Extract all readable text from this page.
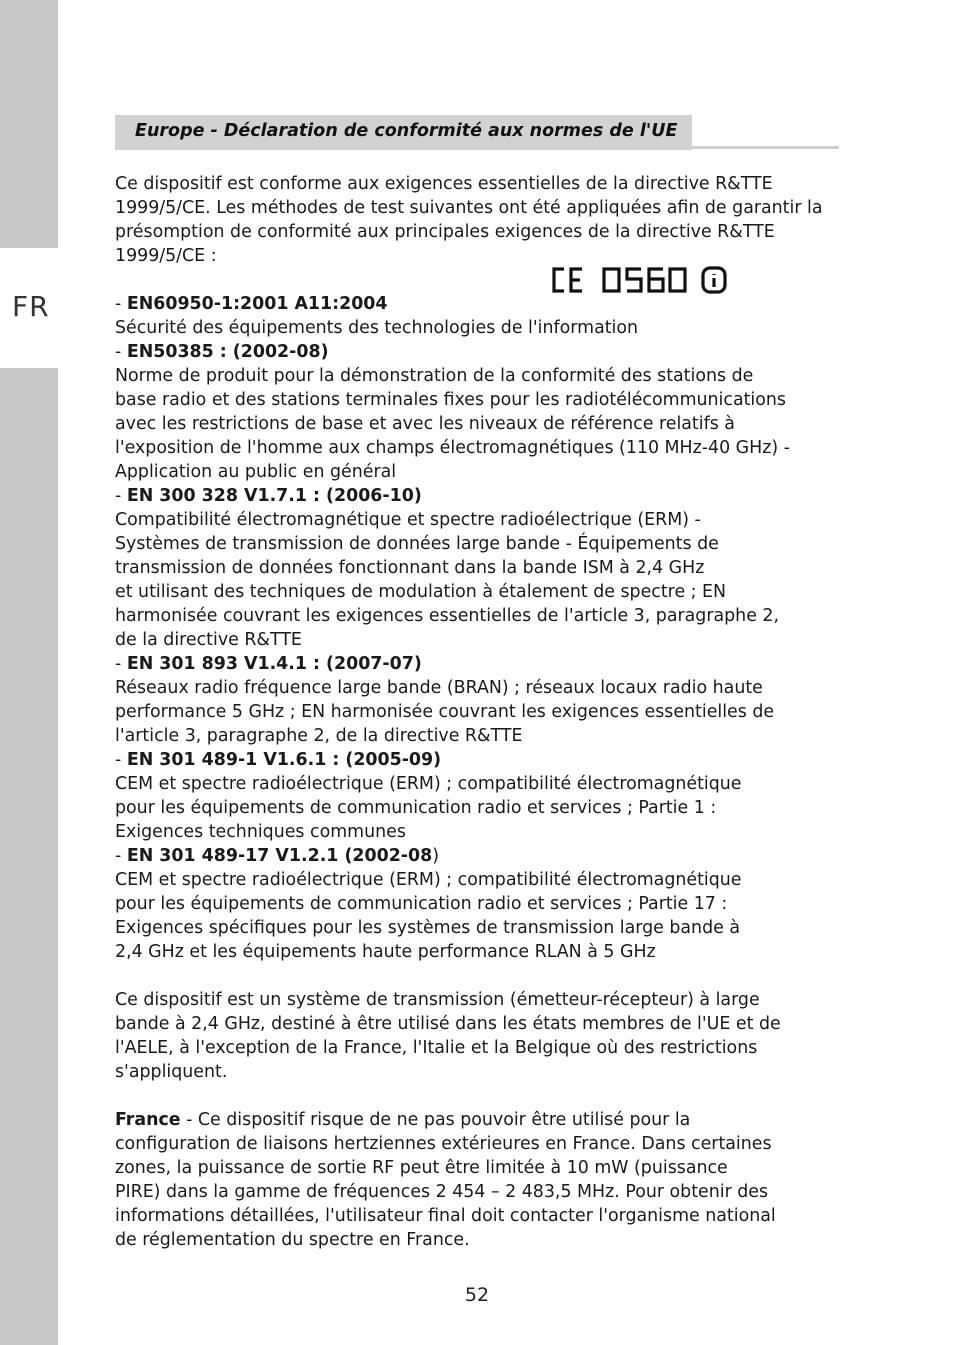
FR
Europe - Déclaration de conformité aux normes de l'UE

Ce dispositif est conforme aux exigences essentielles de la directive R&TTE 1999/5/CE. Les méthodes de test suivantes ont été appliquées afin de garantir la présomption de conformité aux principales exigences de la directive R&TTE 1999/5/CE :

- EN60950-1:2001 A11:2004

Sécurité des équipements des technologies de l'information

- EN50385 : (2002-08)

Norme de produit pour la démonstration de la conformité des stations de
base radio et des stations terminales fixes pour les radiotélécommunications
avec les restrictions de base et avec les niveaux de référence relatifs à
l'exposition de l'homme aux champs électromagnétiques (110 MHz-40 GHz) -
Application au public en général

- EN 300 328 V1.7.1 : (2006-10)

Compatibilité électromagnétique et spectre radioélectrique (ERM) -
Systèmes de transmission de données large bande - Équipements de
transmission de données fonctionnant dans la bande ISM à 2,4 GHz
et utilisant des techniques de modulation à étalement de spectre ; EN
harmonisée couvrant les exigences essentielles de l'article 3, paragraphe 2,
de la directive R&TTE

- EN 301 893 V1.4.1 : (2007-07)

Réseaux radio fréquence large bande (BRAN) ; réseaux locaux radio haute
performance 5 GHz ; EN harmonisée couvrant les exigences essentielles de
l'article 3, paragraphe 2, de la directive R&TTE

- EN 301 489-1 V1.6.1 : (2005-09)

CEM et spectre radioélectrique (ERM) ; compatibilité électromagnétique
pour les équipements de communication radio et services ; Partie 1 :
Exigences techniques communes

- EN 301 489-17 V1.2.1 (2002-08)

CEM et spectre radioélectrique (ERM) ; compatibilité électromagnétique
pour les équipements de communication radio et services ; Partie 17 :
Exigences spécifiques pour les systèmes de transmission large bande à
2,4 GHz et les équipements haute performance RLAN à 5 GHz

Ce dispositif est un système de transmission (émetteur-récepteur) à large
bande à 2,4 GHz, destiné à être utilisé dans les états membres de l'UE et de
l'AELE, à l'exception de la France, l'Italie et la Belgique où des restrictions
s'appliquent.

France - Ce dispositif risque de ne pas pouvoir être utilisé pour la
configuration de liaisons hertziennes extérieures en France. Dans certaines
zones, la puissance de sortie RF peut être limitée à 10 mW (puissance
PIRE) dans la gamme de fréquences 2 454 – 2 483,5 MHz. Pour obtenir des
informations détaillées, l'utilisateur final doit contacter l'organisme national
de réglementation du spectre en France.

52
